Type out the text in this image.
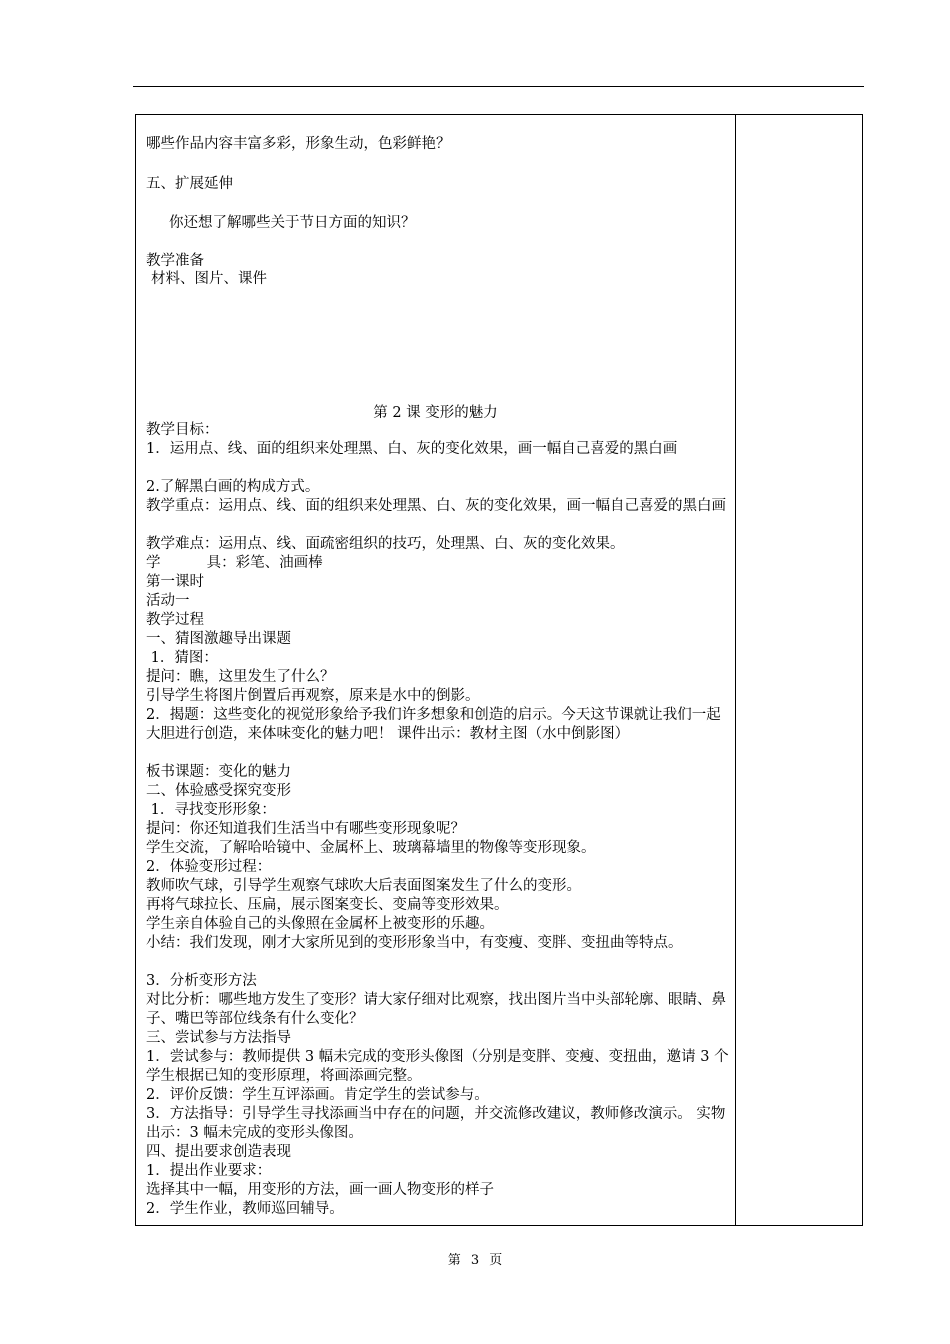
哪些作品内容丰富多彩，形象生动，色彩鲜艳？
五、扩展延伸
你还想了解哪些关于节日方面的知识？
教学准备
材料、图片、课件
第 2 课 变形的魅力
教学目标：
1．运用点、线、面的组织来处理黑、白、灰的变化效果，画一幅自己喜爱的黑白画
2.了解黑白画的构成方式。
教学重点：运用点、线、面的组织来处理黑、白、灰的变化效果，画一幅自己喜爱的黑白画
教学难点：运用点、线、面疏密组织的技巧，处理黑、白、灰的变化效果。
学          具：彩笔、油画棒
第一课时
活动一
教学过程
一、猜图激趣导出课题
1．猜图：
提问：瞧，这里发生了什么？
引导学生将图片倒置后再观察，原来是水中的倒影。
2．揭题：这些变化的视觉形象给予我们许多想象和创造的启示。今天这节课就让我们一起大胆进行创造，来体味变化的魅力吧！ 课件出示：教材主图（水中倒影图）
板书课题：变化的魅力
二、体验感受探究变形
1．寻找变形形象：
提问：你还知道我们生活当中有哪些变形现象呢？
学生交流，了解哈哈镜中、金属杯上、玻璃幕墙里的物像等变形现象。
2．体验变形过程：
教师吹气球，引导学生观察气球吹大后表面图案发生了什么的变形。
再将气球拉长、压扁，展示图案变长、变扁等变形效果。
学生亲自体验自己的头像照在金属杯上被变形的乐趣。
小结：我们发现，刚才大家所见到的变形形象当中，有变瘦、变胖、变扭曲等特点。
3．分析变形方法
对比分析：哪些地方发生了变形？请大家仔细对比观察，找出图片当中头部轮廓、眼睛、鼻子、嘴巴等部位线条有什么变化？
三、尝试参与方法指导
1．尝试参与：教师提供 3 幅未完成的变形头像图（分别是变胖、变瘦、变扭曲，邀请 3 个学生根据已知的变形原理，将画添画完整。
2．评价反馈：学生互评添画。肯定学生的尝试参与。
3．方法指导：引导学生寻找添画当中存在的问题，并交流修改建议，教师修改演示。 实物出示：3 幅未完成的变形头像图。
四、提出要求创造表现
1．提出作业要求：
选择其中一幅，用变形的方法，画一画人物变形的样子
2．学生作业，教师巡回辅导。
第 3 页
